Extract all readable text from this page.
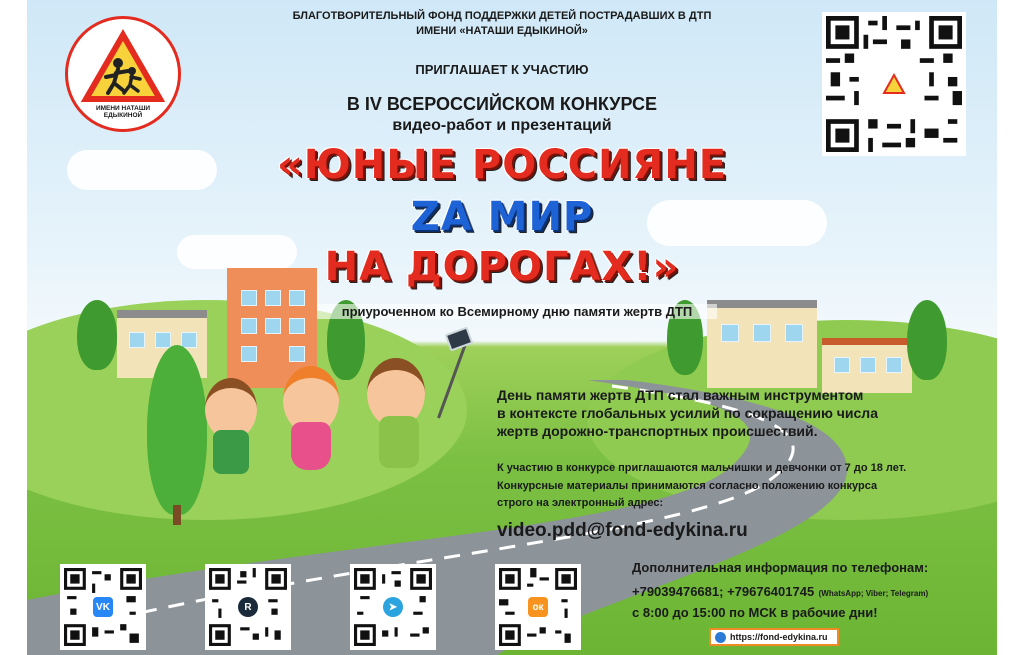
ИМЕНИ НАТАШИ ЕДЫКИНОЙ
БЛАГОТВОРИТЕЛЬНЫЙ ФОНД ПОДДЕРЖКИ ДЕТЕЙ ПОСТРАДАВШИХ В ДТП
ИМЕНИ «НАТАШИ ЕДЫКИНОЙ»
ПРИГЛАШАЕТ К УЧАСТИЮ
В IV ВСЕРОССИЙСКОМ КОНКУРСЕ
видео-работ и презентаций
«ЮНЫЕ РОССИЯНЕ
ZA МИР
НА ДОРОГАХ!»
приуроченном ко Всемирному дню памяти жертв ДТП
День памяти жертв ДТП стал важным инструментом
в контексте глобальных усилий по сокращению числа
жертв дорожно-транспортных происшествий.
К участию в конкурсе приглашаются мальчишки и девчонки от 7 до 18 лет.
Конкурсные материалы принимаются согласно положению конкурса
строго на электронный адрес:
video.pdd@fond-edykina.ru
Дополнительная информация по телефонам:
+79039476681; +79676401745 (WhatsApp; Viber; Telegram)
с 8:00 до 15:00 по МСК в рабочие дни!
https://fond-edykina.ru
VK	R	➤	ок
